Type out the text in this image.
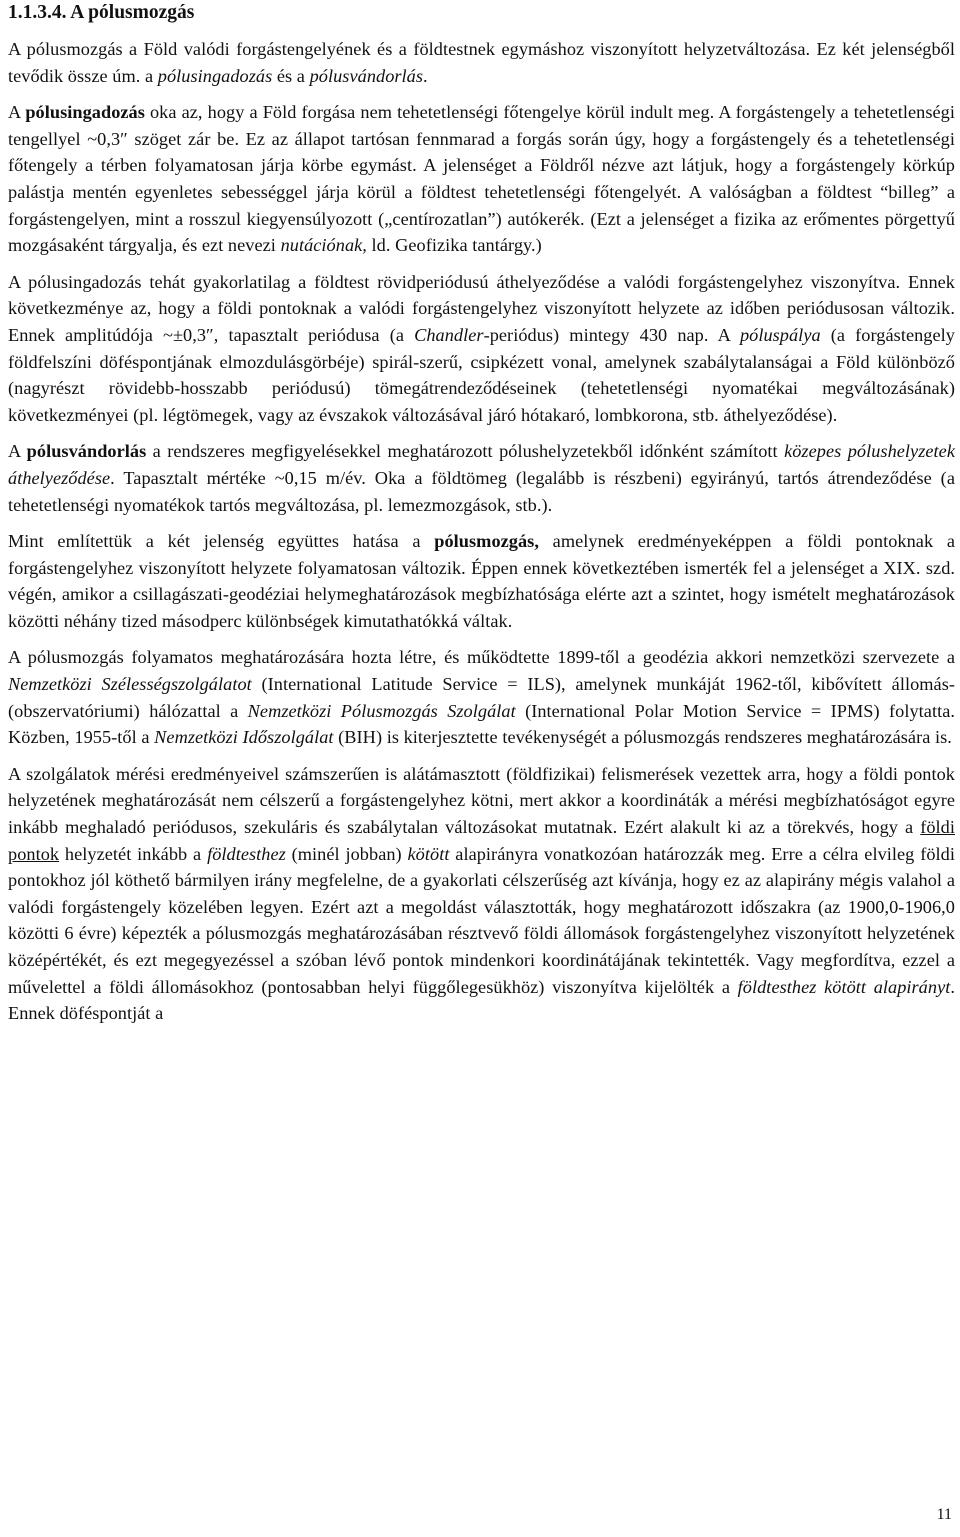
1.1.3.4. A pólusmozgás

A pólusmozgás a Föld valódi forgástengelyének és a földtestnek egymáshoz viszonyított helyzetváltozása. Ez két jelenségből tevődik össze úm. a pólusingadozás és a pólusvándorlás.

A pólusingadozás oka az, hogy a Föld forgása nem tehetetlenségi főtengelye körül indult meg. A forgástengely a tehetetlenségi tengellyel ~0,3″ szöget zár be. Ez az állapot tartósan fennmarad a forgás során úgy, hogy a forgástengely és a tehetetlenségi főtengely a térben folyamatosan járja körbe egymást. A jelenséget a Földről nézve azt látjuk, hogy a forgástengely körkúp palástja mentén egyenletes sebességgel járja körül a földtest tehetetlenségi főtengelyét. A valóságban a földtest “billeg” a forgástengelyen, mint a rosszul kiegyensúlyozott („centírozatlan”) autókerék. (Ezt a jelenséget a fizika az erőmentes pörgettyű mozgásaként tárgyalja, és ezt nevezi nutációnak, ld. Geofizika tantárgy.)

A pólusingadozás tehát gyakorlatilag a földtest rövidperiódusú áthelyeződése a valódi forgástengelyhez viszonyítva. Ennek következménye az, hogy a földi pontoknak a valódi forgástengelyhez viszonyított helyzete az időben periódusosan változik. Ennek amplitúdója ~±0,3″, tapasztalt periódusa (a Chandler-periódus) mintegy 430 nap. A póluspálya (a forgástengely földfelszíni döféspontjának elmozdulásgörbéje) spirál-szerű, csipkézett vonal, amelynek szabálytalanságai a Föld különböző (nagyrészt rövidebb-hosszabb periódusú) tömegátrendeződéseinek (tehetetlenségi nyomatékai megváltozásának) következményei (pl. légtömegek, vagy az évszakok változásával járó hótakaró, lombkorona, stb. áthelyeződése).

A pólusvándorlás a rendszeres megfigyelésekkel meghatározott pólushelyzetekből időnként számított közepes pólushelyzetek áthelyeződése. Tapasztalt mértéke ~0,15 m/év. Oka a földtömeg (legalább is részbeni) egyirányú, tartós átrendeződése (a tehetetlenségi nyomatékok tartós megváltozása, pl. lemezmozgások, stb.).

Mint említettük a két jelenség együttes hatása a pólusmozgás, amelynek eredményeképpen a földi pontoknak a forgástengelyhez viszonyított helyzete folyamatosan változik. Éppen ennek következtében ismerték fel a jelenséget a XIX. szd. végén, amikor a csillagászati-geodéziai helymeghatározások megbízhatósága elérte azt a szintet, hogy ismételt meghatározások közötti néhány tized másodperc különbségek kimutathatókká váltak.

A pólusmozgás folyamatos meghatározására hozta létre, és működtette 1899-től a geodézia akkori nemzetközi szervezete a Nemzetközi Szélességszolgálatot (International Latitude Service = ILS), amelynek munkáját 1962-től, kibővített állomás- (obszervatóriumi) hálózattal a Nemzetközi Pólusmozgás Szolgálat (International Polar Motion Service = IPMS) folytatta. Közben, 1955-től a Nemzetközi Időszolgálat (BIH) is kiterjesztette tevékenységét a pólusmozgás rendszeres meghatározására is.

A szolgálatok mérési eredményeivel számszerűen is alátámasztott (földfizikai) felismerések vezettek arra, hogy a földi pontok helyzetének meghatározását nem célszerű a forgástengelyhez kötni, mert akkor a koordináták a mérési megbízhatóságot egyre inkább meghaladó periódusos, szekuláris és szabálytalan változásokat mutatnak. Ezért alakult ki az a törekvés, hogy a földi pontok helyzetét inkább a földtesthez (minél jobban) kötött alapirányra vonatkozóan határozzák meg. Erre a célra elvileg földi pontokhoz jól köthető bármilyen irány megfelelne, de a gyakorlati célszerűség azt kívánja, hogy ez az alapirány mégis valahol a valódi forgástengely közelében legyen. Ezért azt a megoldást választották, hogy meghatározott időszakra (az 1900,0-1906,0 közötti 6 évre) képezték a pólusmozgás meghatározásában résztvevő földi állomások forgástengelyhez viszonyított helyzetének középértékét, és ezt megegyezéssel a szóban lévő pontok mindenkori koordinátájának tekintették. Vagy megfordítva, ezzel a művelettel a földi állomásokhoz (pontosabban helyi függőlegesükhöz) viszonyítva kijelölték a földtesthez kötött alapirányt. Ennek döféspontját a

11
